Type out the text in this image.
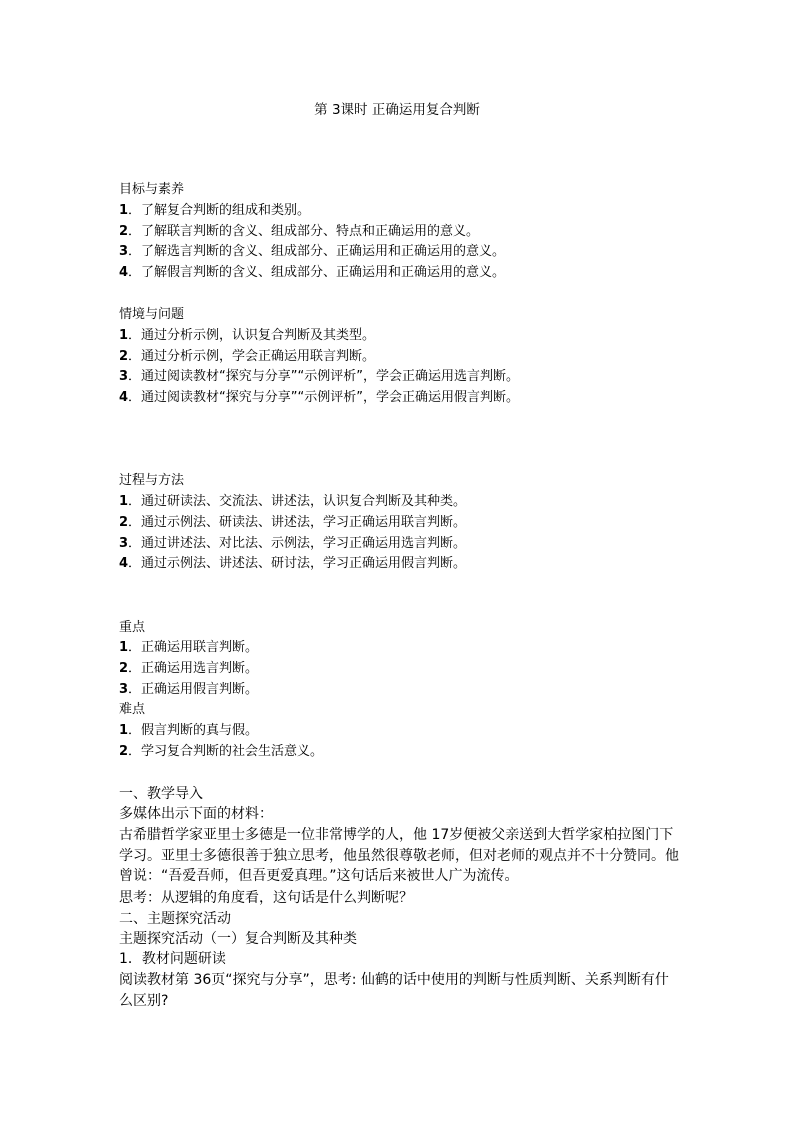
第 3课时 正确运用复合判断
目标与素养
1．了解复合判断的组成和类别。
2．了解联言判断的含义、组成部分、特点和正确运用的意义。
3．了解选言判断的含义、组成部分、正确运用和正确运用的意义。
4．了解假言判断的含义、组成部分、正确运用和正确运用的意义。
情境与问题
1．通过分析示例，认识复合判断及其类型。
2．通过分析示例，学会正确运用联言判断。
3．通过阅读教材“探究与分享”“示例评析”，学会正确运用选言判断。
4．通过阅读教材“探究与分享”“示例评析”，学会正确运用假言判断。
过程与方法
1．通过研读法、交流法、讲述法，认识复合判断及其种类。
2．通过示例法、研读法、讲述法，学习正确运用联言判断。
3．通过讲述法、对比法、示例法，学习正确运用选言判断。
4．通过示例法、讲述法、研讨法，学习正确运用假言判断。
重点
1．正确运用联言判断。
2．正确运用选言判断。
3．正确运用假言判断。
难点
1．假言判断的真与假。
2．学习复合判断的社会生活意义。
一、教学导入
多媒体出示下面的材料：
古希腊哲学家亚里士多德是一位非常博学的人，他 17岁便被父亲送到大哲学家柏拉图门下学习。亚里士多德很善于独立思考，他虽然很尊敬老师，但对老师的观点并不十分赞同。他曾说：“吾爱吾师，但吾更爱真理。”这句话后来被世人广为流传。
思考：从逻辑的角度看，这句话是什么判断呢？
二、主题探究活动
主题探究活动（一）复合判断及其种类
1．教材问题研读
阅读教材第 36页“探究与分享”，思考: 仙鹤的话中使用的判断与性质判断、关系判断有什么区别?
